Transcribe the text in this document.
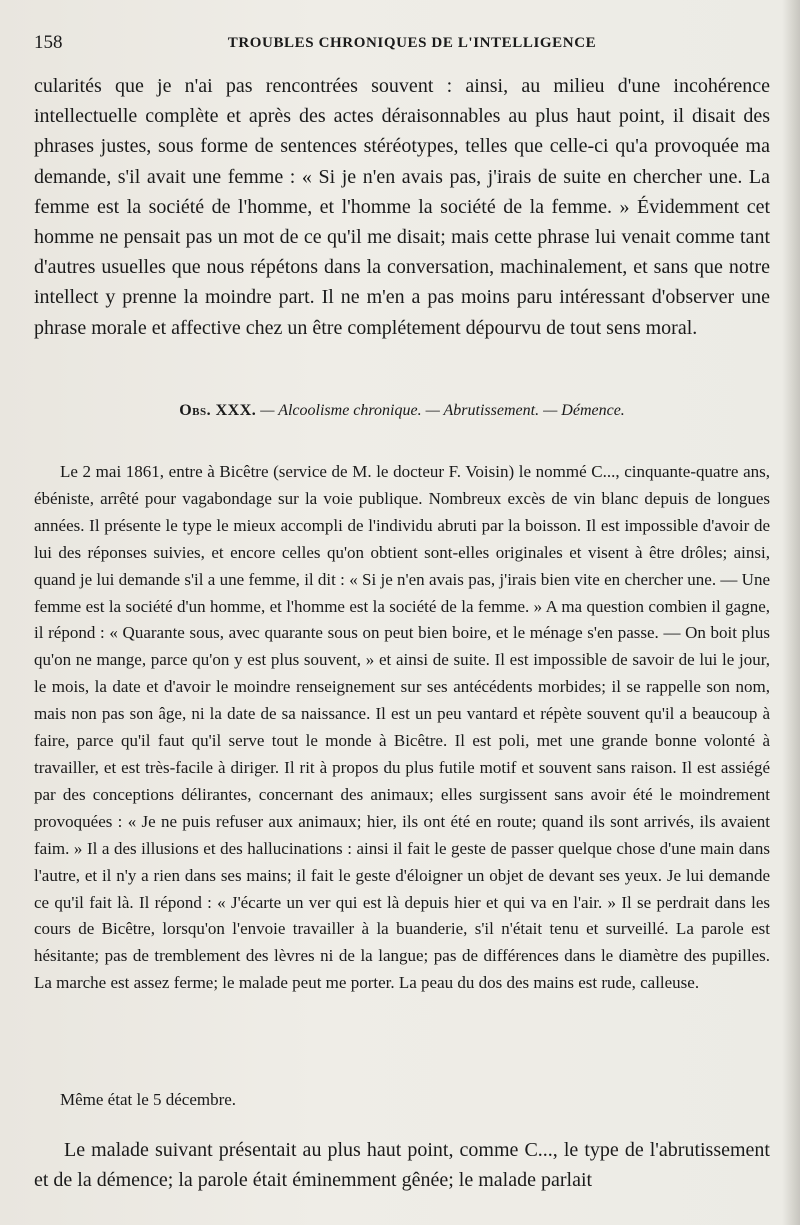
158	TROUBLES CHRONIQUES DE L'INTELLIGENCE

cularités que je n'ai pas rencontrées souvent : ainsi, au milieu d'une incohérence intellectuelle complète et après des actes déraisonnables au plus haut point, il disait des phrases justes, sous forme de sentences stéréotypes, telles que celle-ci qu'a provoquée ma demande, s'il avait une femme : « Si je n'en avais pas, j'irais de suite en chercher une. La femme est la société de l'homme, et l'homme la société de la femme. » Évidemment cet homme ne pensait pas un mot de ce qu'il me disait; mais cette phrase lui venait comme tant d'autres usuelles que nous répétons dans la conversation, machinalement, et sans que notre intellect y prenne la moindre part. Il ne m'en a pas moins paru intéressant d'observer une phrase morale et affective chez un être complétement dépourvu de tout sens moral.

Obs. XXX. — Alcoolisme chronique. — Abrutissement. — Démence.

Le 2 mai 1861, entre à Bicêtre (service de M. le docteur F. Voisin) le nommé C..., cinquante-quatre ans, ébéniste, arrêté pour vagabondage sur la voie publique. Nombreux excès de vin blanc depuis de longues années. Il présente le type le mieux accompli de l'individu abruti par la boisson. Il est impossible d'avoir de lui des réponses suivies, et encore celles qu'on obtient sont-elles originales et visent à être drôles; ainsi, quand je lui demande s'il a une femme, il dit : « Si je n'en avais pas, j'irais bien vite en chercher une. — Une femme est la société d'un homme, et l'homme est la société de la femme. » A ma question combien il gagne, il répond : « Quarante sous, avec quarante sous on peut bien boire, et le ménage s'en passe. — On boit plus qu'on ne mange, parce qu'on y est plus souvent, » et ainsi de suite. Il est impossible de savoir de lui le jour, le mois, la date et d'avoir le moindre renseignement sur ses antécédents morbides; il se rappelle son nom, mais non pas son âge, ni la date de sa naissance. Il est un peu vantard et répète souvent qu'il a beaucoup à faire, parce qu'il faut qu'il serve tout le monde à Bicêtre. Il est poli, met une grande bonne volonté à travailler, et est très-facile à diriger. Il rit à propos du plus futile motif et souvent sans raison. Il est assiégé par des conceptions délirantes, concernant des animaux; elles surgissent sans avoir été le moindrement provoquées : « Je ne puis refuser aux animaux; hier, ils ont été en route; quand ils sont arrivés, ils avaient faim. » Il a des illusions et des hallucinations : ainsi il fait le geste de passer quelque chose d'une main dans l'autre, et il n'y a rien dans ses mains; il fait le geste d'éloigner un objet de devant ses yeux. Je lui demande ce qu'il fait là. Il répond : « J'écarte un ver qui est là depuis hier et qui va en l'air. » Il se perdrait dans les cours de Bicêtre, lorsqu'on l'envoie travailler à la buanderie, s'il n'était tenu et surveillé. La parole est hésitante; pas de tremblement des lèvres ni de la langue; pas de différences dans le diamètre des pupilles. La marche est assez ferme; le malade peut me porter. La peau du dos des mains est rude, calleuse.

Même état le 5 décembre.

Le malade suivant présentait au plus haut point, comme C..., le type de l'abrutissement et de la démence; la parole était éminemment gênée; le malade parlait
